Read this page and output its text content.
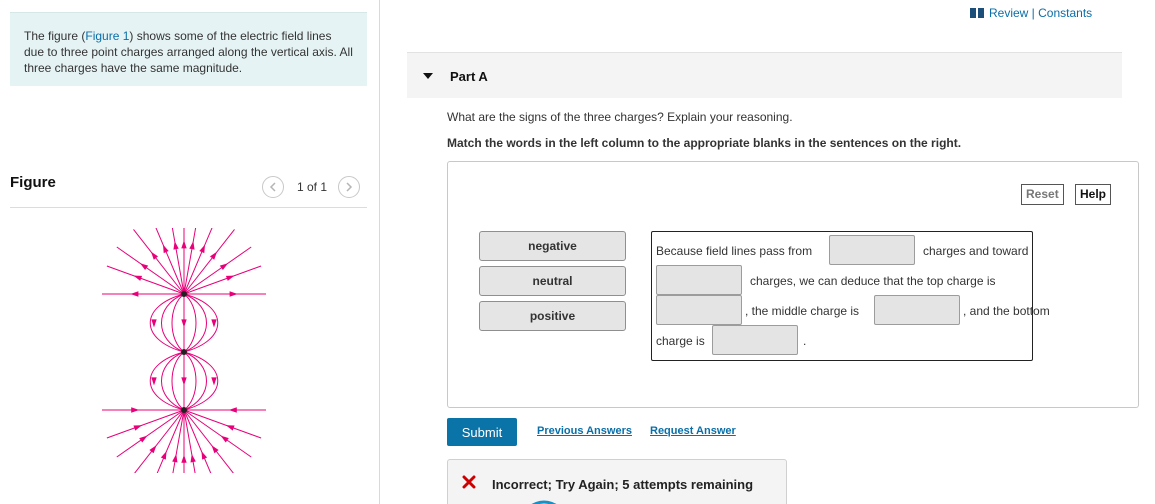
The figure (Figure 1) shows some of the electric field lines due to three point charges arranged along the vertical axis. All three charges have the same magnitude.
Figure	1 of 1
Review | Constants
Part A
What are the signs of the three charges? Explain your reasoning.
Match the words in the left column to the appropriate blanks in the sentences on the right.
Reset	Help
negative
neutral
positive
Because field lines pass from	charges and toward
charges, we can deduce that the top charge is
, the middle charge is	, and the bottom
charge is	.
Submit	Previous Answers Request Answer
Incorrect; Try Again; 5 attempts remaining
